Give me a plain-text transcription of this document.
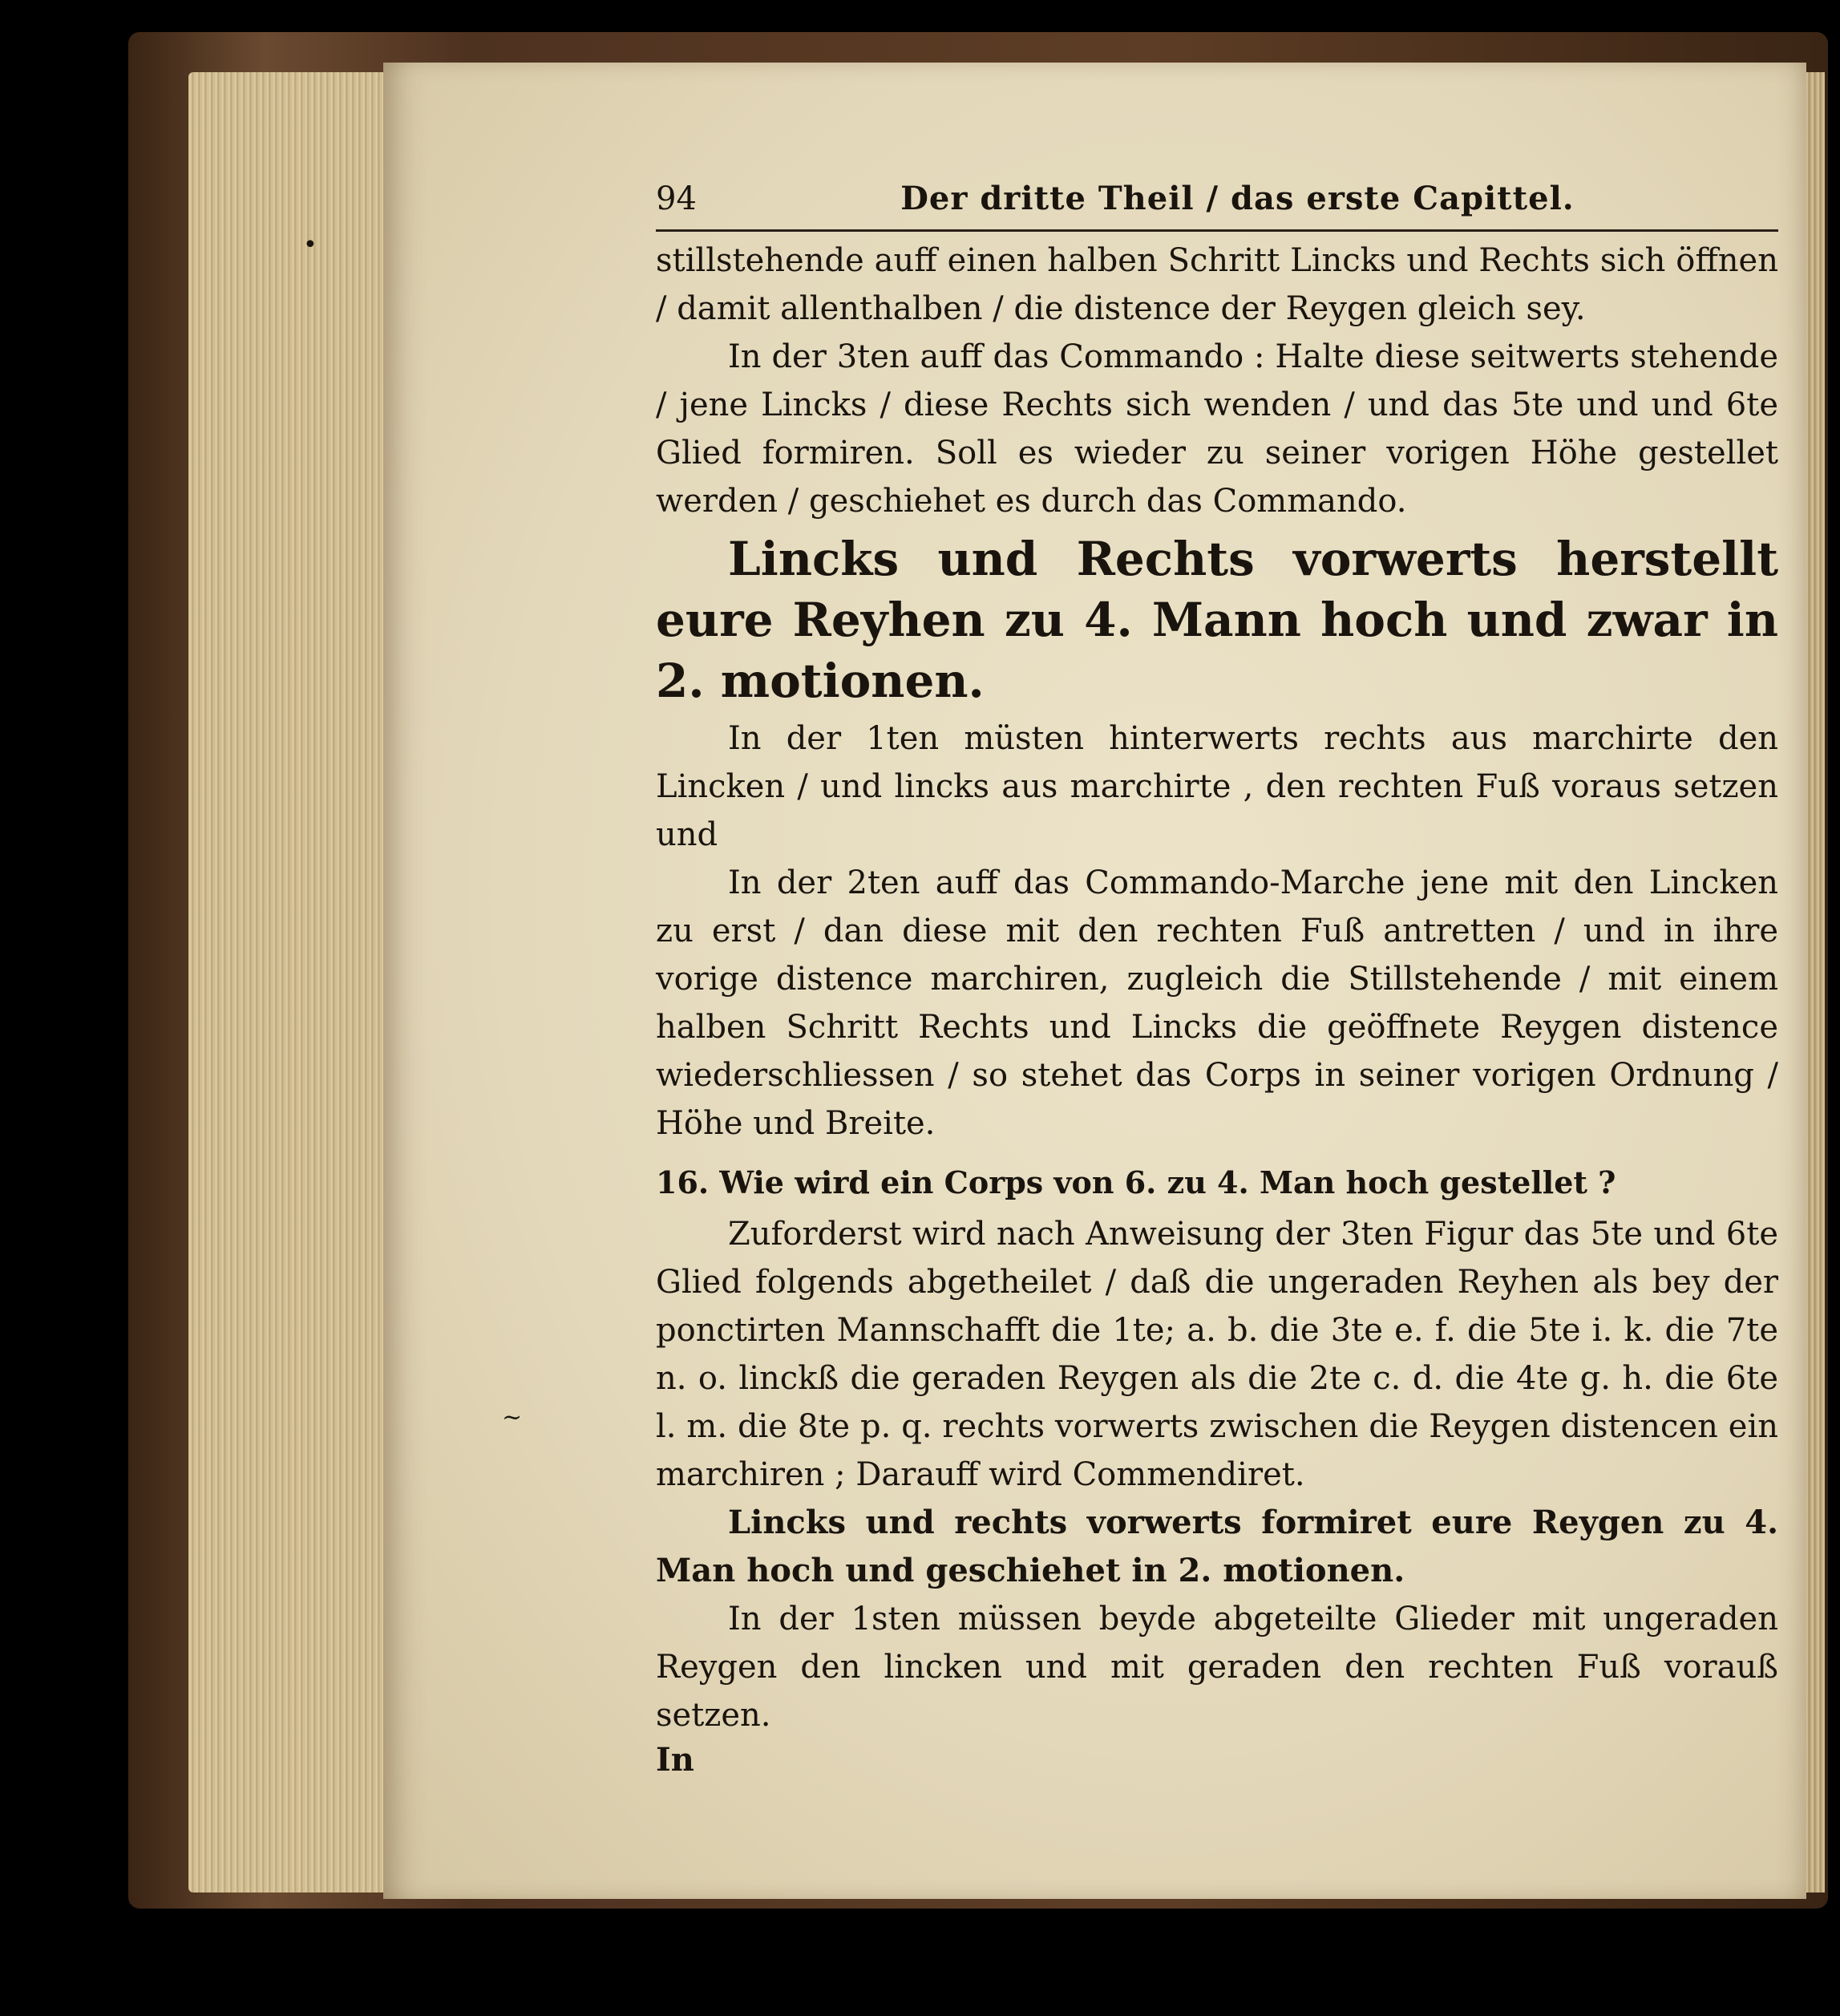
~
•
94	Der dritte Theil / das erste Capittel.

stillstehende auff einen halben Schritt Lincks und Rechts sich öffnen / damit allenthalben / die distence der Reygen gleich sey.

In der 3ten auff das Commando : Halte diese seitwerts stehende / jene Lincks / diese Rechts sich wenden / und das 5te und und 6te Glied formiren. Soll es wieder zu seiner vorigen Höhe gestellet werden / geschiehet es durch das Commando.

Lincks und Rechts vorwerts herstellt eure Reyhen zu 4. Mann hoch und zwar in 2. motionen.

In der 1ten müsten hinterwerts rechts aus marchirte den Lincken / und lincks aus marchirte , den rechten Fuß voraus setzen und

In der 2ten auff das Commando-Marche jene mit den Lincken zu erst / dan diese mit den rechten Fuß antretten / und in ihre vorige distence marchiren, zugleich die Stillstehende / mit einem halben Schritt Rechts und Lincks die geöffnete Reygen distence wiederschliessen / so stehet das Corps in seiner vorigen Ordnung / Höhe und Breite.

16. Wie wird ein Corps von 6. zu 4. Man hoch gestellet ?

Zuforderst wird nach Anweisung der 3ten Figur das 5te und 6te Glied folgends abgetheilet / daß die ungeraden Reyhen als bey der ponctirten Mannschafft die 1te; a. b. die 3te e. f. die 5te i. k. die 7te n. o. linckß die geraden Reygen als die 2te c. d. die 4te g. h. die 6te l. m. die 8te p. q. rechts vorwerts zwischen die Reygen distencen ein marchiren ; Darauff wird Commendiret.

Lincks und rechts vorwerts formiret eure Reygen zu 4. Man hoch und geschiehet in 2. motionen.

In der 1sten müssen beyde abgeteilte Glieder mit ungeraden Reygen den lincken und mit geraden den rechten Fuß vorauß setzen.

In
